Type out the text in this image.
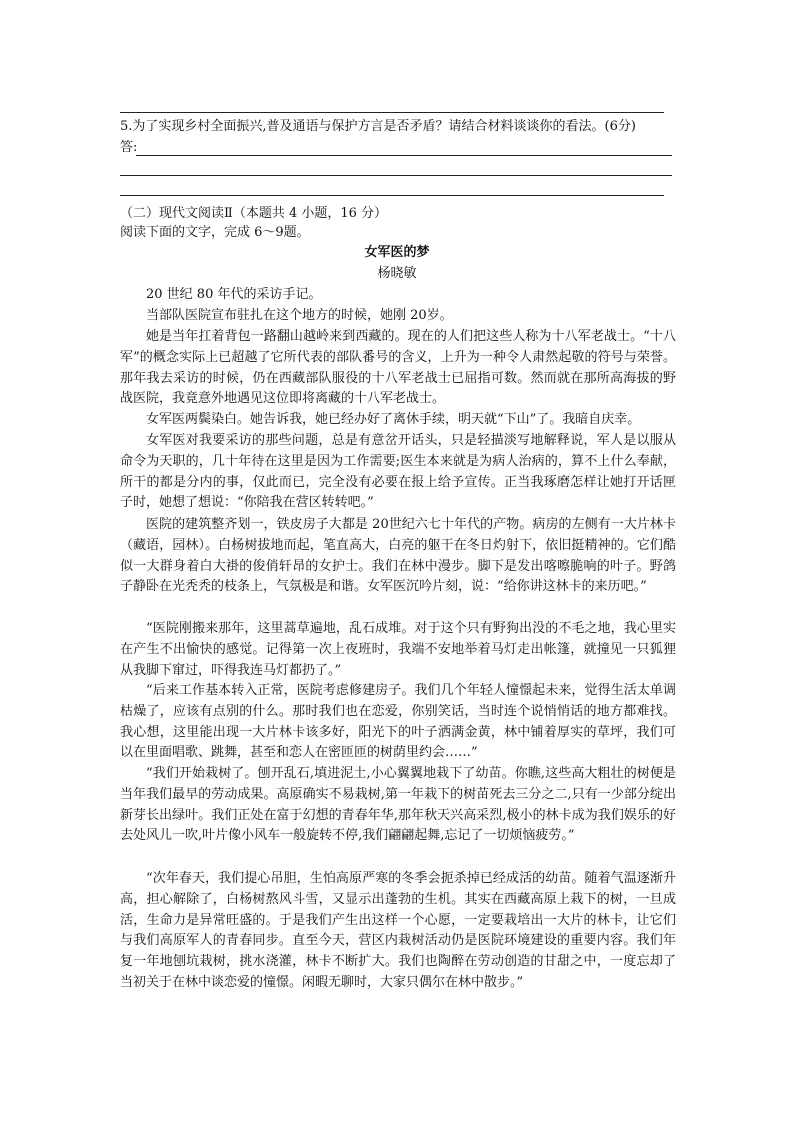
5.为了实现乡村全面振兴,普及通语与保护方言是否矛盾？请结合材料谈谈你的看法。(6分)
答:
（二）现代文阅读Ⅱ（本题共 4 小题，16 分）
阅读下面的文字，完成 6～9题。
女军医的梦
杨晓敏

20 世纪 80 年代的采访手记。

当部队医院宣布驻扎在这个地方的时候，她刚 20岁。

她是当年扛着背包一路翻山越岭来到西藏的。现在的人们把这些人称为十八军老战士。“十八军”的概念实际上已超越了它所代表的部队番号的含义，上升为一种令人肃然起敬的符号与荣誉。那年我去采访的时候，仍在西藏部队服役的十八军老战士已屈指可数。然而就在那所高海拔的野战医院，我竟意外地遇见这位即将离藏的十八军老战士。

女军医两鬓染白。她告诉我，她已经办好了离休手续，明天就“下山”了。我暗自庆幸。

女军医对我要采访的那些问题，总是有意岔开话头，只是轻描淡写地解释说，军人是以服从命令为天职的，几十年待在这里是因为工作需要;医生本来就是为病人治病的，算不上什么奉献，所干的都是分内的事，仅此而已，完全没有必要在报上给予宣传。正当我琢磨怎样让她打开话匣子时，她想了想说：“你陪我在营区转转吧。”

医院的建筑整齐划一，铁皮房子大都是 20世纪六七十年代的产物。病房的左侧有一大片林卡（藏语，园林）。白杨树拔地而起，笔直高大，白亮的躯干在冬日灼射下，依旧挺精神的。它们酷似一大群身着白大褂的俊俏轩昂的女护士。我们在林中漫步。脚下是发出喀嚓脆响的叶子。野鸽子静卧在光秃秃的枝条上，气氛极是和谐。女军医沉吟片刻，说：“给你讲这林卡的来历吧。”

“医院刚搬来那年，这里蒿草遍地，乱石成堆。对于这个只有野狗出没的不毛之地，我心里实在产生不出愉快的感觉。记得第一次上夜班时，我端不安地举着马灯走出帐篷，就撞见一只狐狸从我脚下窜过，吓得我连马灯都扔了。”

“后来工作基本转入正常，医院考虑修建房子。我们几个年轻人憧憬起未来，觉得生活太单调枯燥了，应该有点别的什么。那时我们也在恋爱，你别笑话，当时连个说悄悄话的地方都难找。我心想，这里能出现一大片林卡该多好，阳光下的叶子洒满金黄，林中铺着厚实的草坪，我们可以在里面唱歌、跳舞，甚至和恋人在密匝匝的树荫里约会……”

“我们开始栽树了。刨开乱石,填进泥土,小心翼翼地栽下了幼苗。你瞧,这些高大粗壮的树便是当年我们最早的劳动成果。高原确实不易栽树,第一年栽下的树苗死去三分之二,只有一少部分绽出新芽长出绿叶。我们正处在富于幻想的青春年华,那年秋天兴高采烈,极小的林卡成为我们娱乐的好去处风儿一吹,叶片像小风车一般旋转不停,我们翩翩起舞,忘记了一切烦恼疲劳。”

“次年春天，我们提心吊胆，生怕高原严寒的冬季会扼杀掉已经成活的幼苗。随着气温逐渐升高，担心解除了，白杨树熬风斗雪，又显示出蓬勃的生机。其实在西藏高原上栽下的树，一旦成活，生命力是异常旺盛的。于是我们产生出这样一个心愿，一定要栽培出一大片的林卡，让它们与我们高原军人的青春同步。直至今天，营区内栽树活动仍是医院环境建设的重要内容。我们年复一年地刨坑栽树，挑水浇灌，林卡不断扩大。我们也陶醉在劳动创造的甘甜之中，一度忘却了当初关于在林中谈恋爱的憧憬。闲暇无聊时，大家只偶尔在林中散步。”
